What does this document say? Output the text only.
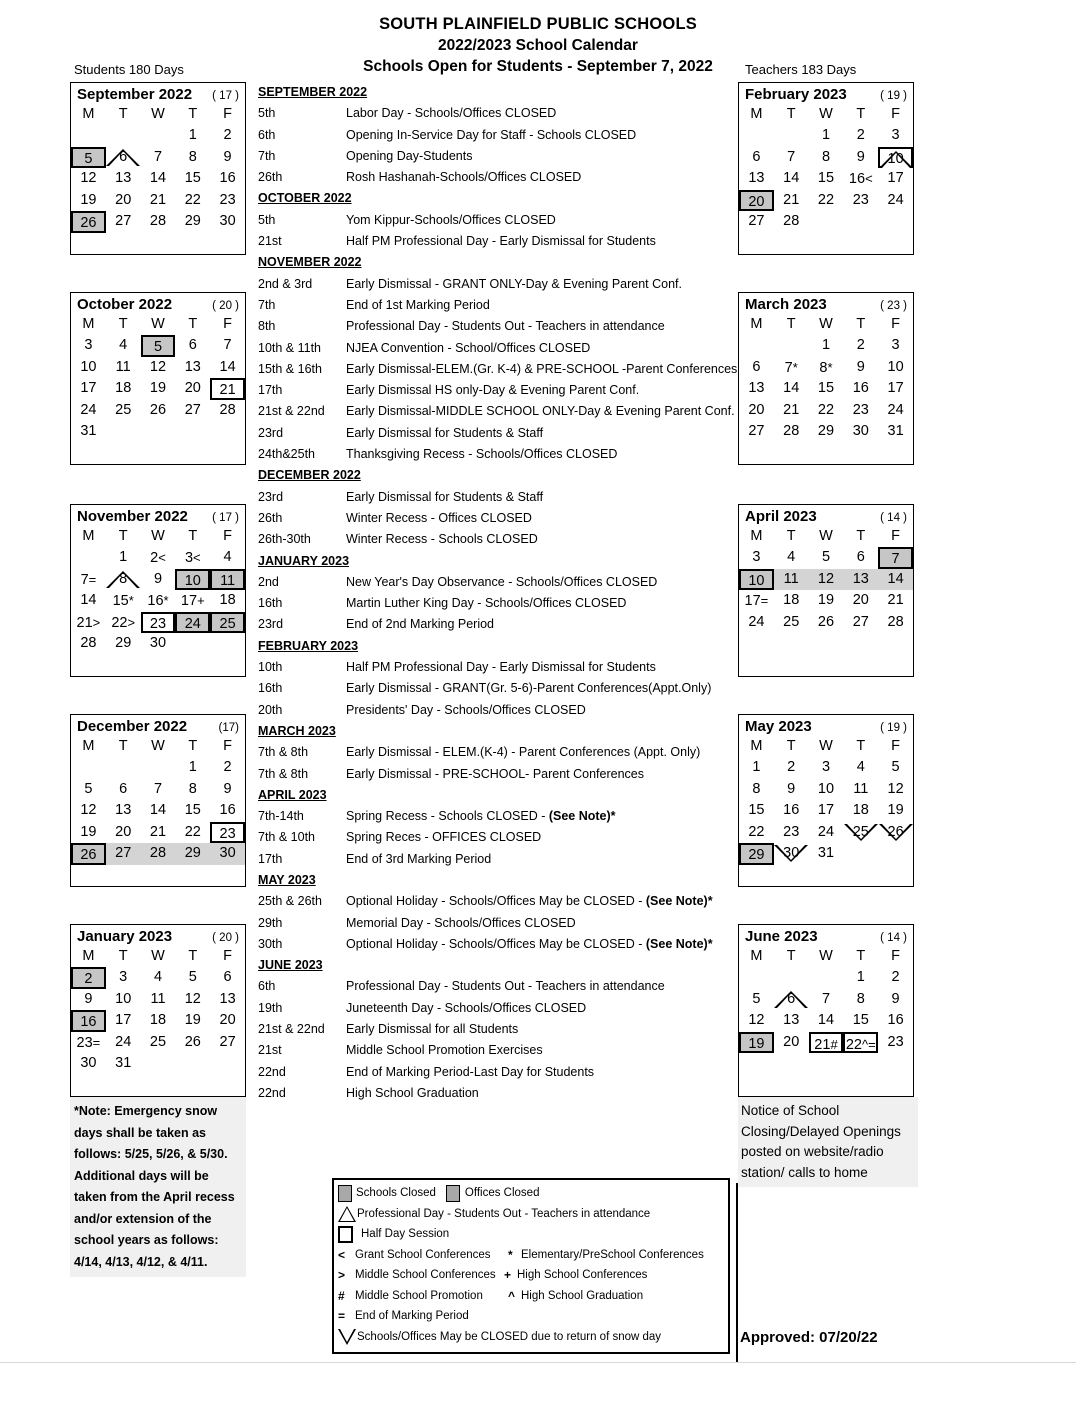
SOUTH PLAINFIELD PUBLIC SCHOOLS
2022/2023 School Calendar
Schools Open for Students - September 7, 2022
Students 180 Days	Teachers 183 Days
September 2022 ( 17 )
M	T	W	T	F

			1	2

5	6	7	8	9

12	13	14	15	16

19	20	21	22	23

26	27	28	29	30

October 2022	( 20 )
M	T	W	T	F

3	4	5	6	7

10	11	12	13	14

17	18	19	20	21

24	25	26	27	28

31				

November 2022 ( 17 )
M	T	W	T	F

	1	2<	3<	4

7=	8	9	10	11

14	15*	16*	17+	18

21>	22>	23	24	25

28	29	30		

December 2022	(17)
M	T	W	T	F

			1	2

5	6	7	8	9

12	13	14	15	16

19	20	21	22	23

26	27	28	29	30

January 2023	( 20 )
M	T	W	T	F

2	3	4	5	6

9	10	11	12	13

16	17	18	19	20

23=	24	25	26	27

30	31			

February 2023	( 19 )
M	T	W	T	F

		1	2	3

6	7	8	9	10

13	14	15	16<	17

20	21	22	23	24

27	28			

March 2023	( 23 )
M	T	W	T	F

		1	2	3

6	7*	8*	9	10

13	14	15	16	17

20	21	22	23	24

27	28	29	30	31

April 2023	( 14 )
M	T	W	T	F

3	4	5	6	7

10	11	12	13	14

17=	18	19	20	21

24	25	26	27	28

May 2023	( 19 )
M	T	W	T	F

1	2	3	4	5

8	9	10	11	12

15	16	17	18	19

22	23	24	25	26

29	30	31		

June 2023	( 14 )
M	T	W	T	F

			1	2

5	6	7	8	9

12	13	14	15	16

19	20	21#	22^=	23

SEPTEMBER 2022
5th	Labor Day - Schools/Offices CLOSED
6th	Opening In-Service Day for Staff - Schools CLOSED
7th	Opening Day-Students
26th	Rosh Hashanah-Schools/Offices CLOSED
OCTOBER 2022
5th	Yom Kippur-Schools/Offices CLOSED
21st	Half PM Professional Day - Early Dismissal for Students
NOVEMBER 2022
2nd & 3rd	Early Dismissal - GRANT ONLY-Day & Evening Parent Conf.
7th	End of 1st Marking Period
8th	Professional Day - Students Out - Teachers in attendance
10th & 11th	NJEA Convention - School/Offices CLOSED
15th & 16th	Early Dismissal-ELEM.(Gr. K-4) & PRE-SCHOOL -Parent Conferences
17th	Early Dismissal HS only-Day & Evening Parent Conf.
21st & 22nd	Early Dismissal-MIDDLE SCHOOL ONLY-Day & Evening Parent Conf.
23rd	Early Dismissal for Students & Staff
24th&25th	Thanksgiving Recess - Schools/Offices CLOSED
DECEMBER 2022
23rd	Early Dismissal for Students & Staff
26th	Winter Recess - Offices CLOSED
26th-30th	Winter Recess - Schools CLOSED
JANUARY 2023
2nd	New Year's Day Observance - Schools/Offices CLOSED
16th	Martin Luther King Day - Schools/Offices CLOSED
23rd	End of 2nd Marking Period
FEBRUARY 2023
10th	Half PM Professional Day - Early Dismissal for Students
16th	Early Dismissal - GRANT(Gr. 5-6)-Parent Conferences(Appt.Only)
20th	Presidents' Day - Schools/Offices CLOSED
MARCH 2023
7th & 8th	Early Dismissal - ELEM.(K-4) - Parent Conferences (Appt. Only)
7th & 8th	Early Dismissal - PRE-SCHOOL- Parent Conferences
APRIL 2023
7th-14th	Spring Recess - Schools CLOSED - (See Note)*
7th & 10th	Spring Reces - OFFICES CLOSED
17th	End of 3rd Marking Period
MAY 2023
25th & 26th	Optional Holiday - Schools/Offices May be CLOSED - (See Note)*
29th	Memorial Day - Schools/Offices CLOSED
30th	Optional Holiday - Schools/Offices May be CLOSED - (See Note)*
JUNE 2023
6th	Professional Day - Students Out - Teachers in attendance
19th	Juneteenth Day - Schools/Offices CLOSED
21st & 22nd	Early Dismissal for all Students
21st	Middle School Promotion Exercises
22nd	End of Marking Period-Last Day for Students
22nd	High School Graduation
*Note: Emergency snow days shall be taken as follows: 5/25, 5/26, & 5/30. Additional days will be taken from the April recess and/or extension of the school years as follows: 4/14, 4/13, 4/12, & 4/11.
Notice of School Closing/Delayed Openings posted on website/radio station/ calls to home
Approved: 07/20/22
Schools Closed	Offices Closed
Professional Day - Students Out - Teachers in attendance
Half Day Session
< Grant School Conferences * Elementary/PreSchool Conferences
> Middle School Conferences + High School Conferences
# Middle School Promotion ^ High School Graduation
= End of Marking Period
Schools/Offices May be CLOSED due to return of snow day
